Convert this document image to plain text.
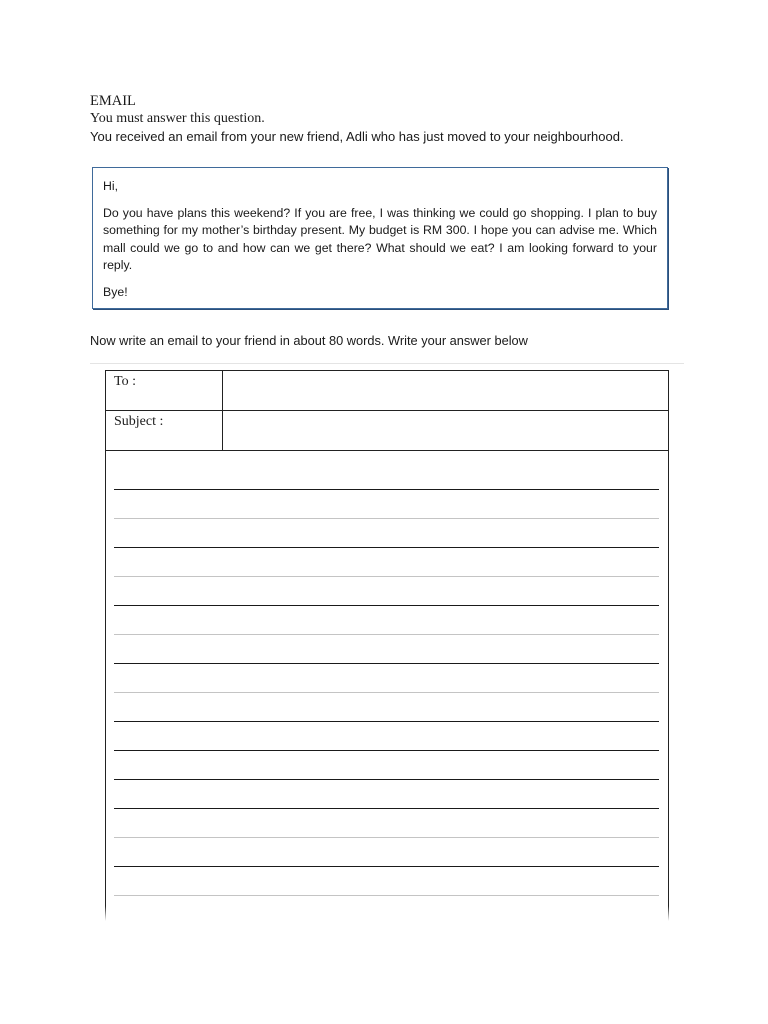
EMAIL
You must answer this question.
You received an email from your new friend, Adli who has just moved to your neighbourhood.

Hi,

Do you have plans this weekend? If you are free, I was thinking we could go shopping. I plan to buy something for my mother’s birthday present. My budget is RM 300. I hope you can advise me. Which mall could we go to and how can we get there? What should we eat? I am looking forward to your reply.

Bye!

Now write an email to your friend in about 80 words. Write your answer below
To :
Subject :
